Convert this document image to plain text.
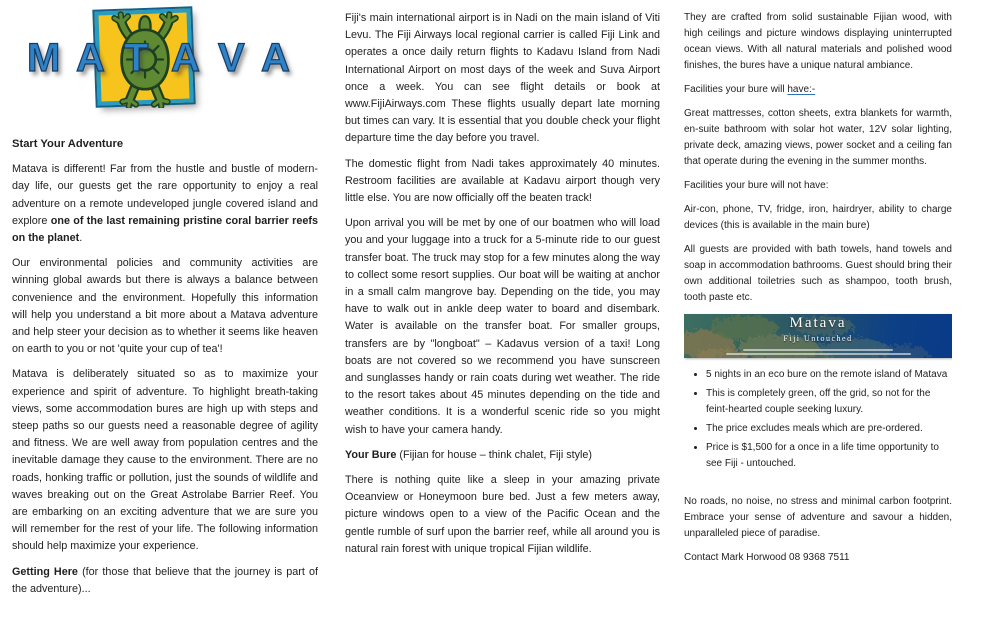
M A T A V A
Start Your Adventure

Matava is different! Far from the hustle and bustle of modern-day life, our guests get the rare opportunity to enjoy a real adventure on a remote undeveloped jungle covered island and explore one of the last remaining pristine coral barrier reefs on the planet.

Our environmental policies and community activities are winning global awards but there is always a balance between convenience and the environment. Hopefully this information will help you understand a bit more about a Matava adventure and help steer your decision as to whether it seems like heaven on earth to you or not 'quite your cup of tea'!

Matava is deliberately situated so as to maximize your experience and spirit of adventure. To highlight breath-taking views, some accommodation bures are high up with steps and steep paths so our guests need a reasonable degree of agility and fitness. We are well away from population centres and the inevitable damage they cause to the environment. There are no roads, honking traffic or pollution, just the sounds of wildlife and waves breaking out on the Great Astrolabe Barrier Reef. You are embarking on an exciting adventure that we are sure you will remember for the rest of your life. The following information should help maximize your experience.

Getting Here (for those that believe that the journey is part of the adventure)...

Fiji's main international airport is in Nadi on the main island of Viti Levu. The Fiji Airways local regional carrier is called Fiji Link and operates a once daily return flights to Kadavu Island from Nadi International Airport on most days of the week and Suva Airport once a week. You can see flight details or book at www.FijiAirways.com These flights usually depart late morning but times can vary. It is essential that you double check your flight departure time the day before you travel.

The domestic flight from Nadi takes approximately 40 minutes. Restroom facilities are available at Kadavu airport though very little else. You are now officially off the beaten track!

Upon arrival you will be met by one of our boatmen who will load you and your luggage into a truck for a 5-minute ride to our guest transfer boat. The truck may stop for a few minutes along the way to collect some resort supplies. Our boat will be waiting at anchor in a small calm mangrove bay. Depending on the tide, you may have to walk out in ankle deep water to board and disembark. Water is available on the transfer boat. For smaller groups, transfers are by "longboat" – Kadavus version of a taxi! Long boats are not covered so we recommend you have sunscreen and sunglasses handy or rain coats during wet weather. The ride to the resort takes about 45 minutes depending on the tide and weather conditions. It is a wonderful scenic ride so you might wish to have your camera handy.

Your Bure (Fijian for house – think chalet, Fiji style)

There is nothing quite like a sleep in your amazing private Oceanview or Honeymoon bure bed. Just a few meters away, picture windows open to a view of the Pacific Ocean and the gentle rumble of surf upon the barrier reef, while all around you is natural rain forest with unique tropical Fijian wildlife.

They are crafted from solid sustainable Fijian wood, with high ceilings and picture windows displaying uninterrupted ocean views. With all natural materials and polished wood finishes, the bures have a unique natural ambiance.

Facilities your bure will have:-

Great mattresses, cotton sheets, extra blankets for warmth, en-suite bathroom with solar hot water, 12V solar lighting, private deck, amazing views, power socket and a ceiling fan that operate during the evening in the summer months.

Facilities your bure will not have:

Air-con, phone, TV, fridge, iron, hairdryer, ability to charge devices (this is available in the main bure)

All guests are provided with bath towels, hand towels and soap in accommodation bathrooms. Guest should bring their own additional toiletries such as shampoo, tooth brush, tooth paste etc.

Matava
Fiji Untouched
• 5 nights in an eco bure on the remote island of Matava
• This is completely green, off the grid, so not for the feint-hearted couple seeking luxury.
• The price excludes meals which are pre-ordered.
• Price is $1,500 for a once in a life time opportunity to see Fiji - untouched.

No roads, no noise, no stress and minimal carbon footprint. Embrace your sense of adventure and savour a hidden, unparalleled piece of paradise.

Contact Mark Horwood 08 9368 7511
